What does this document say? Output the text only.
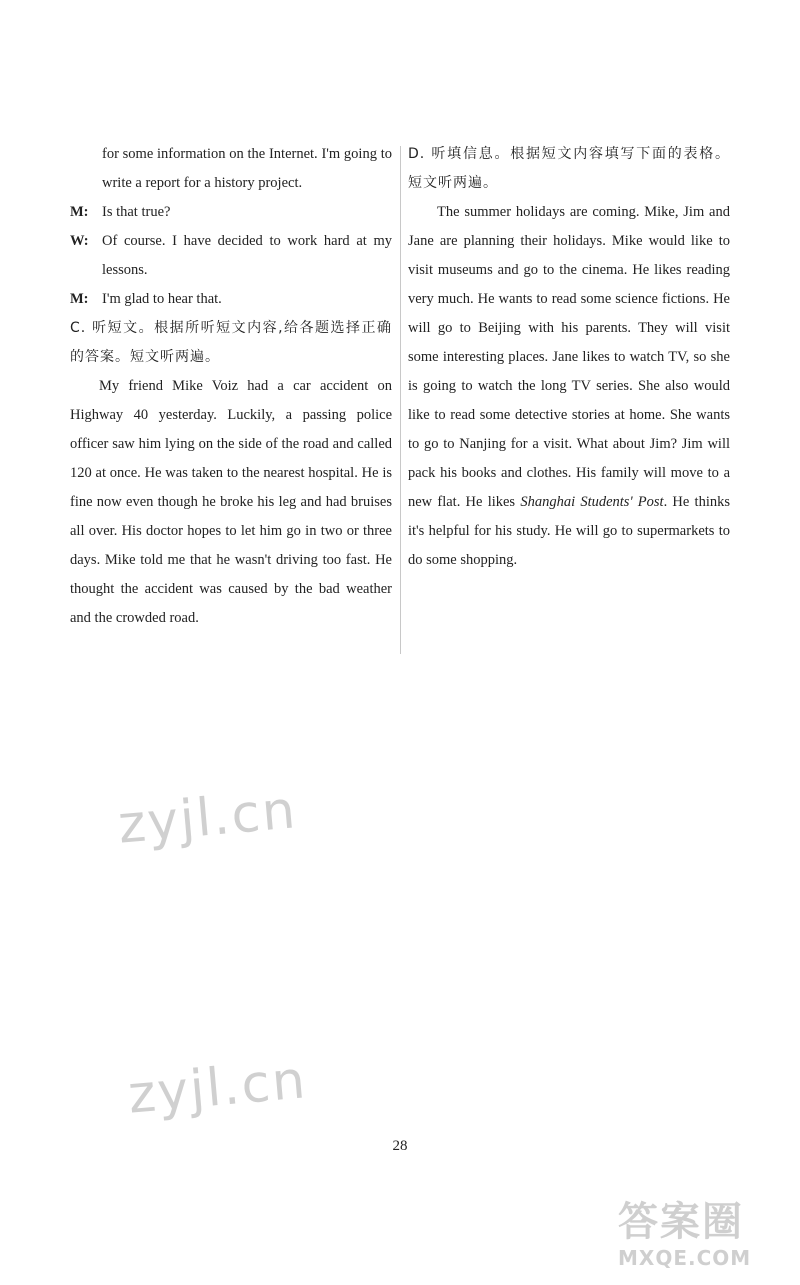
for some information on the Internet. I'm going to write a report for a history project.

M: Is that true?

W: Of course. I have decided to work hard at my lessons.

M: I'm glad to hear that.

C. 听短文。根据所听短文内容,给各题选择正确的答案。短文听两遍。

My friend Mike Voiz had a car accident on Highway 40 yesterday. Luckily, a passing police officer saw him lying on the side of the road and called 120 at once. He was taken to the nearest hospital. He is fine now even though he broke his leg and had bruises all over. His doctor hopes to let him go in two or three days. Mike told me that he wasn't driving too fast. He thought the accident was caused by the bad weather and the crowded road.

D. 听填信息。根据短文内容填写下面的表格。短文听两遍。

The summer holidays are coming. Mike, Jim and Jane are planning their holidays. Mike would like to visit museums and go to the cinema. He likes reading very much. He wants to read some science fictions. He will go to Beijing with his parents. They will visit some interesting places. Jane likes to watch TV, so she is going to watch the long TV series. She also would like to read some detective stories at home. She wants to go to Nanjing for a visit. What about Jim? Jim will pack his books and clothes. His family will move to a new flat. He likes Shanghai Students' Post. He thinks it's helpful for his study. He will go to supermarkets to do some shopping.

zyjl.cn
zyjl.cn
28
答案圈
MXQE.COM
